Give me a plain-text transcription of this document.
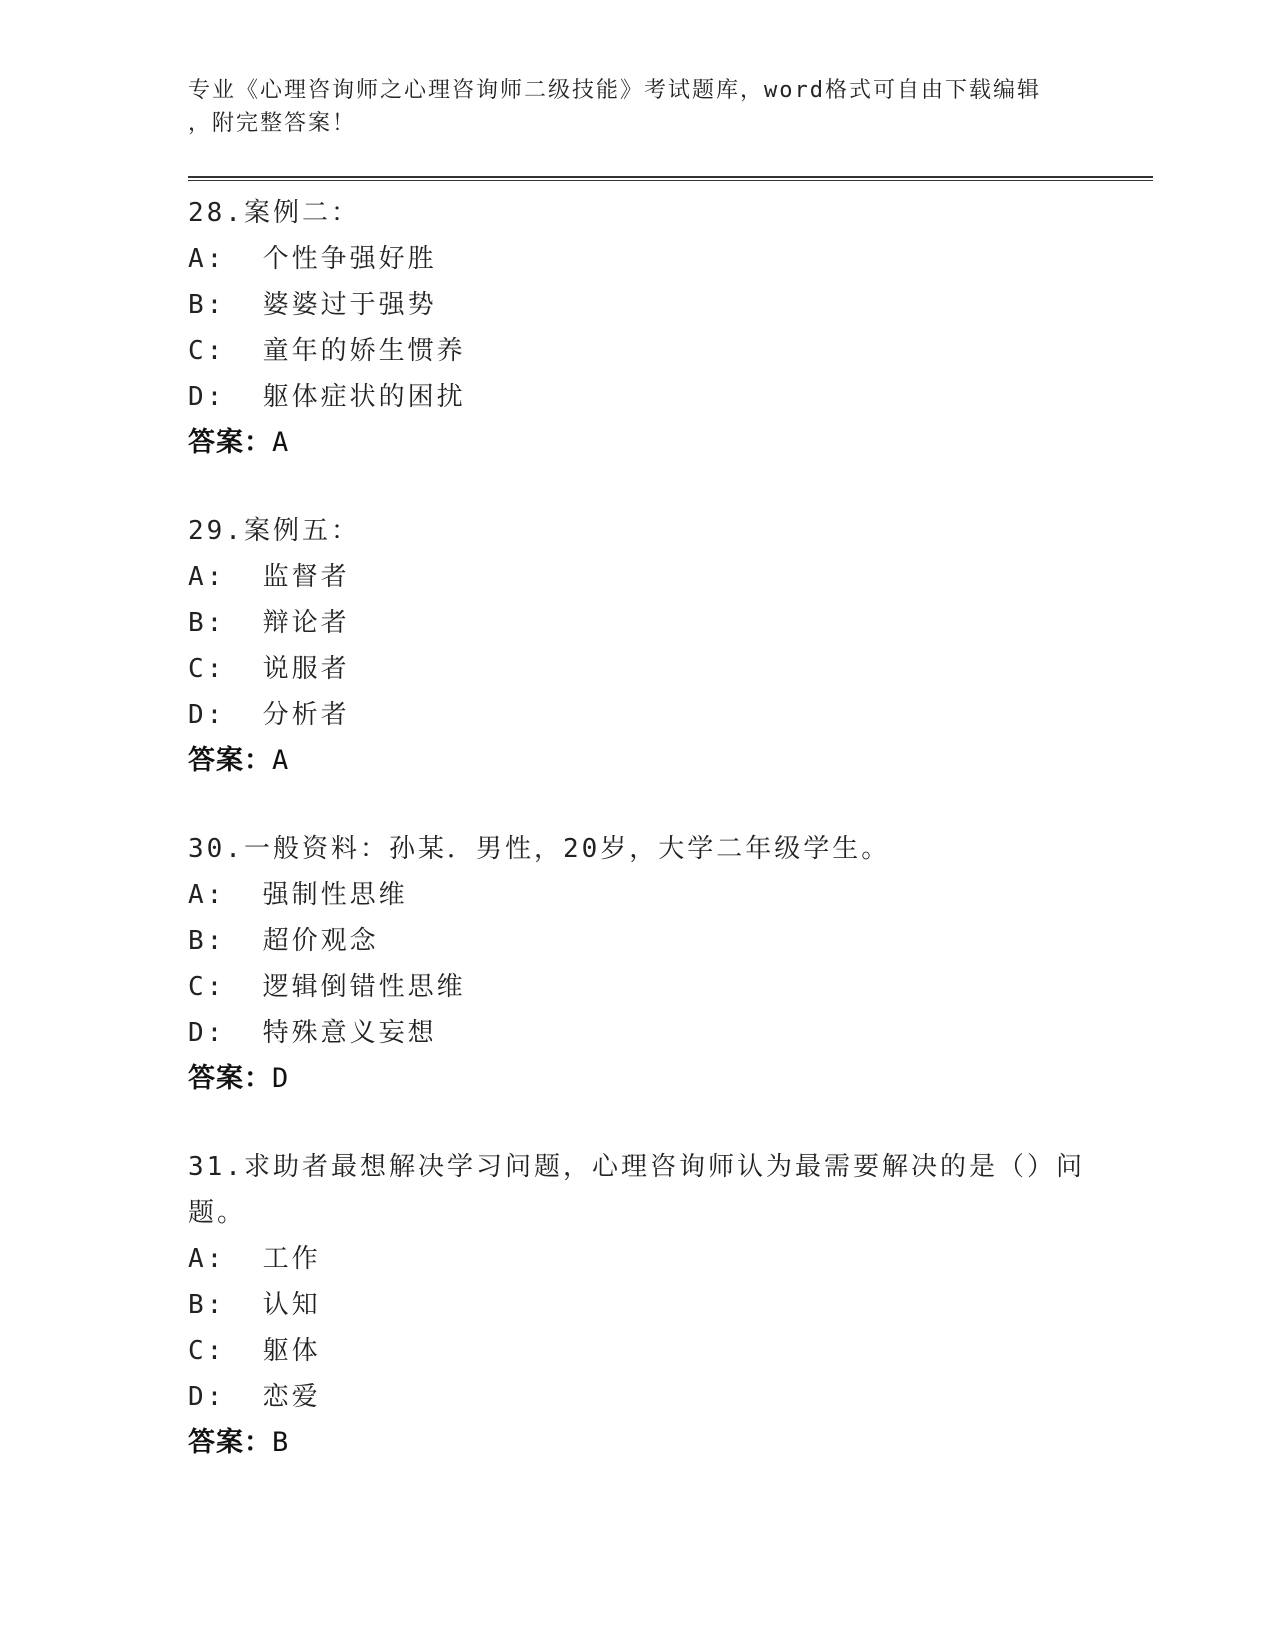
专业《心理咨询师之心理咨询师二级技能》考试题库，word格式可自由下载编辑
，附完整答案！
28.案例二：
A:  个性争强好胜
B:  婆婆过于强势
C:  童年的娇生惯养
D:  躯体症状的困扰
答案：A
29.案例五：
A:  监督者
B:  辩论者
C:  说服者
D:  分析者
答案：A
30.一般资料：孙某．男性，20岁，大学二年级学生。
A:  强制性思维
B:  超价观念
C:  逻辑倒错性思维
D:  特殊意义妄想
答案：D
31.求助者最想解决学习问题，心理咨询师认为最需要解决的是（）问题。
A:  工作
B:  认知
C:  躯体
D:  恋爱
答案：B
